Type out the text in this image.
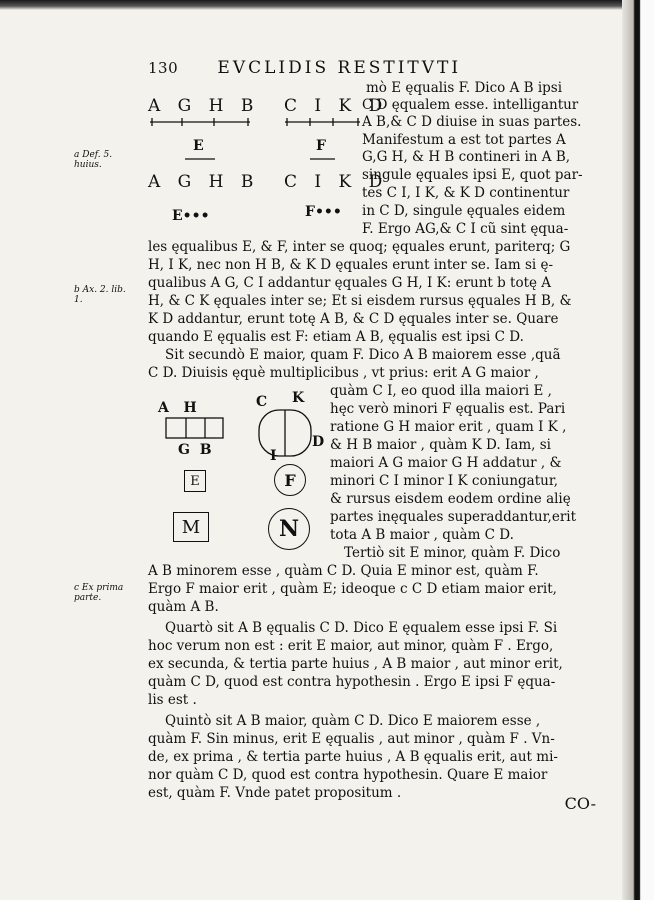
130 EVCLIDIS RESTITVTI
A G H B C I K D
E	F
A G H B C I K D
E•••	F•••
A   H
G  B
C K
I
D
E	F
M	N
a Def. 5. huius.
b Ax. 2. lib. 1.
c Ex prima parte.
mò E ęqualis F. Dico A B ipsi
C D ęqualem esse. intelligantur
A B,& C D diuise in suas partes.
Manifestum a est tot partes A
G,G H, & H B contineri in A B,
singule ęquales ipsi E, quot par-
tes C I, I K, & K D continentur
in C D, singule ęquales eidem
F. Ergo AG,& C I cũ sint ęqua-
les ęqualibus E, & F, inter se quoq; ęquales erunt, pariterq; G
H, I K, nec non H B, & K D ęquales erunt inter se. Iam si ę-
qualibus A G, C I addantur ęquales G H, I K: erunt b totę A
H, & C K ęquales inter se; Et si eisdem rursus ęquales H B, &
K D addantur, erunt totę A B, & C D ęquales inter se. Quare
quando E ęqualis est F: etiam A B, ęqualis est ipsi C D.
Sit secundò E maior, quam F. Dico A B maiorem esse ,quã
C D. Diuisis ęquè multiplicibus , vt prius: erit A G maior ,
quàm C I, eo quod illa maiori E ,
hęc verò minori F ęqualis est. Pari
ratione G H maior erit , quam I K ,
& H B maior , quàm K D. Iam, si
maiori A G maior G H addatur , &
minori C I minor I K coniungatur,
& rursus eisdem eodem ordine alię
partes inęquales superaddantur,erit
tota A B maior , quàm C D.
Tertiò sit E minor, quàm F. Dico
A B minorem esse , quàm C D. Quia E minor est, quàm F.
Ergo F maior erit , quàm E; ideoque c C D etiam maior erit,
quàm A B.
Quartò sit A B ęqualis C D. Dico E ęqualem esse ipsi F. Si
hoc verum non est : erit E maior, aut minor, quàm F . Ergo,
ex secunda, & tertia parte huius , A B maior , aut minor erit,
quàm C D, quod est contra hypothesin . Ergo E ipsi F ęqua-
lis est .
Quintò sit A B maior, quàm C D. Dico E maiorem esse ,
quàm F. Sin minus, erit E ęqualis , aut minor , quàm F . Vn-
de, ex prima , & tertia parte huius , A B ęqualis erit, aut mi-
nor quàm C D, quod est contra hypothesin. Quare E maior
est, quàm F. Vnde patet propositum .
CO-
